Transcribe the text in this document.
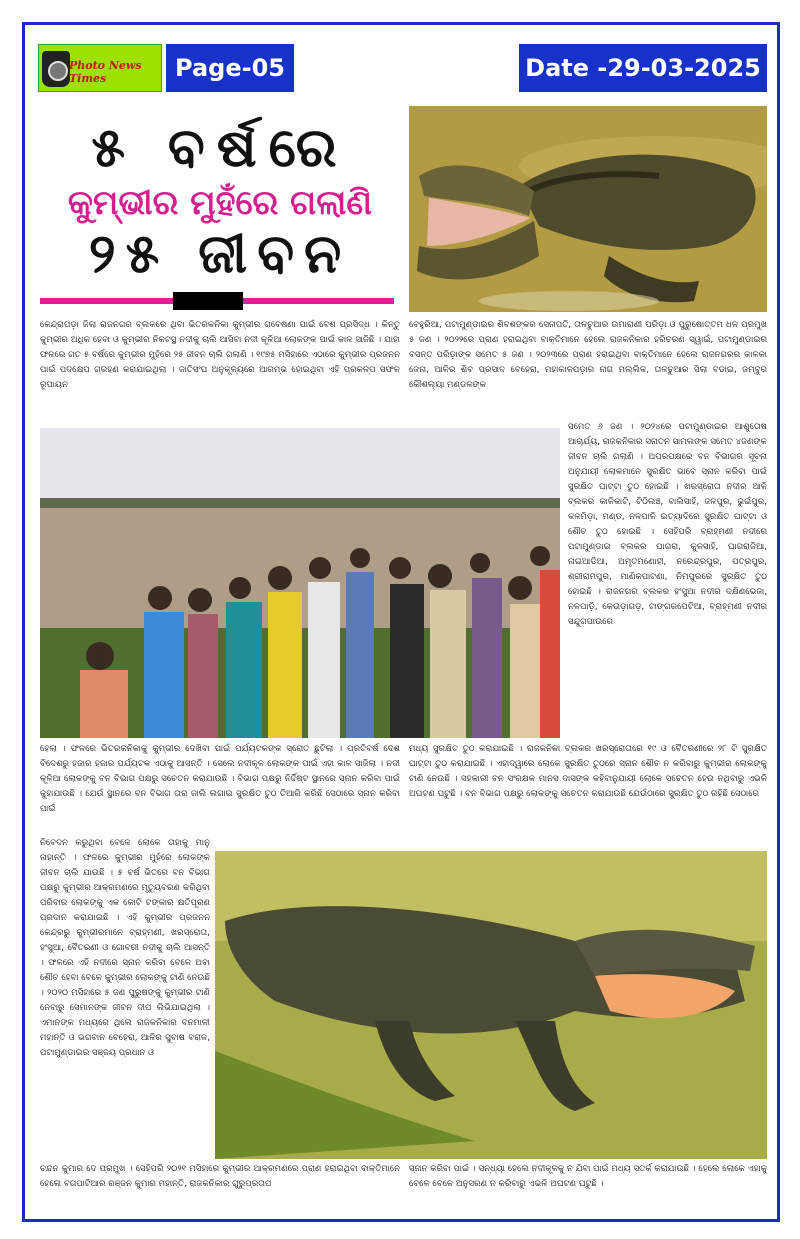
Photo News Times	Page-05	Date -29-03-2025
୫ ବର୍ଷରେ
କୁମ୍ଭୀର ମୁହଁରେ ଗଲାଣି
୨୫ ଜୀବନ
କେନ୍ଦ୍ରାପଡ଼ା ଜିଲା ରାଜନଗର ବ୍ଲକରେ ଥିବା ଭିତରକନିକା କୁମ୍ଭୀର ଗବେଷଣା ପାଇଁ ବେଶ ପ୍ରସିଦ୍ଧ । କିନ୍ତୁ କୁମ୍ଭୀର ଅଧିକ ହେବା ଓ କୁମ୍ଭୀର ନିକଟସ୍ଥ ନଦୀକୁ ଚାଲି ଆସିବା ନଦୀ କୂଳିଆ ଲୋକଙ୍କ ପାଇଁ କାଳ ସାଜିଛି । ଯାହା ଫଳରେ ଗତ ୫ ବର୍ଷରେ କୁମ୍ଭୀର ମୁହଁରେ ୨୫ ଜୀବନ ଚାଲି ଗଲାଣି । ୧୯୭୫ ମସିହାରେ ଏଠାରେ କୁମ୍ଭୀର ପ୍ରଜନନ ପାଇଁ ପଦକ୍ଷେପ ଗ୍ରହଣ କରାଯାଇଥିଲା । ଜାତିସଂଘ ଅନୁକୂଳ୍ୟରେ ଆରମ୍ଭ ହୋଇଥିବା ଏହି ପ୍ରକଳ୍ପ ସଫଳ ରୂପାୟନ
ବେହୁରିଆ, ପଟାମୁଣ୍ଡାଇର ଶିବଶଙ୍କର ସେନାପତି, ତାଳଚୁଆର ଉମାରାଣୀ ପରିଡ଼ା ଓ ପୁରୁଷୋତ୍ତମ ଧଳ ପ୍ରମୁଖ ୫ ଜଣ । ୨୦୨୨ରେ ପ୍ରାଣ ହରାଇଥିବା ବାକ୍ତିମାନେ ହେଲେ ରାଜକନିକାର ହରିଚରଣ ସ୍ୱାଇଁ, ପଟାମୁଣ୍ଡାଇର ବସନ୍ତ ପରିଡ଼ାଙ୍କ ସମେତ ୫ ଜଣ । ୨୦୨୩ରେ ପ୍ରାଣ ହରାଇଥିବା ବାକ୍ତିମାନେ ହେଲେ ରାଜନଗରର କାଳକା ଜେନା, ଆଳିର ଶିବ ପ୍ରସାଦ ବେହେରା, ମହାକାଳପଡ଼ାର ନାଗ ମଲ୍ଲିକ, ତାଳଚୁଆର ସିଲା ବଡାଇ, ଜମ୍ବୁର କୌଶଲ୍ୟା ମଣ୍ଡଳଙ୍କ
ସମେତ ୬ ଜଣ । ୨୦୨୪ରେ ପଟାମୁଣ୍ଡାଇର ଆଶୁତୋଷ ଆଚାର୍ଯ୍ୟ, ରାଜକନିକାର ସନାତନ ସାମଲଙ୍କ ସମେତ ୪ଜଣଙ୍କ ଜୀବନ ଚାଲି ଗଲାଣି । ଅପରପକ୍ଷରେ ବନ ବିଭାଗର ସୂଚନା ଅନୁଯାୟୀ ଲୋକମାନେ ସୁରକ୍ଷିତ ଭାବେ ସ୍ନାନ କରିବା ପାଇଁ ସୁରକ୍ଷିତ ଘାଟ୍ଟା ତୁଠ ହୋଇଛି । ଖରସ୍ରୋତା ନଦୀର ଆଳି ବ୍ଲକର କାଳିକାଟି, ଟିଠିଲଞ୍ଚ, ବାଲିସାହି, ଜଳପୁର, ଭୁଇଁପୁର, କଳମିଡ଼ା, ମଣ୍ଡ, ନଳପାଳି ଇତ୍ୟାଦିରେ ସୁରକ୍ଷିତ ଘାଟ୍ଟା ଓ ଶୌଚ ତୁଠ ହୋଇଛି । ସେହିପରି ବ୍ରାହ୍ମଣୀ ନଦୀରେ ପଟାମୁଣ୍ଡାଇ ବ୍ଲକର ଘାଗରା, କୁଳସାହି, ଘାଗରାଜିଆ, ନାଇଆଡିଆ, ଅମୃତମଣୋହୀ, ନରେନ୍ଦ୍ରପୁର, ପତ୍ରପୁର, ଶ୍ରୀରାମପୁର, ମାଣିକପାଟଣା, ନିମପୁରରେ ସୁରକ୍ଷିତ ତୁଠ ହୋଇଛି । ରାଜନଗର ବ୍ଲକର ହଂସୁଆ ନଦୀର ଦକ୍ଷିଣଭେଜା, ନଳପାଡ଼ି, କେଉଡ଼ାଗଡ଼, ଟାଙ୍ଗରପେଟିଆ, ବ୍ରାହ୍ମଣୀ ନଦୀର ସନ୍ଦୁଗପାଉରେ
ହେଲା । ଫଳରେ ଭିତରକନିକାକୁ କୁମ୍ଭୀର ଦେଖିବା ପାଇଁ ପର୍ଯ୍ୟଟକଙ୍କ ସ୍ରୋତ ଛୁଟିଲା । ପ୍ରତିବର୍ଷ ଦେଶ ବିଦେଶରୁ ହଜାର ହଜାର ପର୍ଯ୍ୟଟକ ଏଠାକୁ ଆସନ୍ତି । ସେଲେ ନଦୀକୂଳ ଲୋକଙ୍କ ପାଇଁ ଏହା କାଳ ସାଜିଲା । ନଦୀ କୂଳିଆ ଲୋକଙ୍କୁ ବନ ବିଭାଗ ପକ୍ଷରୁ ସଚେତନ କରାଯାଉଛି । ବିଭାଗ ପକ୍ଷରୁ ନିର୍ଦ୍ଦିଷ୍ଟ ସ୍ଥାନରେ ସ୍ନାନ କରିବା ପାଇଁ କୁହାଯାଉଛି । ଯେଉଁ ସ୍ଥାନରେ ବନ ବିଭାଗ ତାର ଜାଲି ଲଗାଇ ସୁରକ୍ଷିତ ତୁଠ ତିଆରି କରିଛି ସେଠାରେ ସ୍ନାନ କରିବା ପାଇଁ
ମଧ୍ୟ ସୁରକ୍ଷିତ ତୁଠ କରାଯାଇଛି । ରାଜକନିକା ବ୍ଲକର ଖରସ୍ରୋତାରେ ୧୯ ଓ ବୈତରଣୀରେ ୨୮ ଟି ସୁରକ୍ଷିତ ଘାଟ୍ଟା ତୁଠ କରାଯାଇଛି । ଏହାଦ୍ୱାରେ ଲୋକେ ସୁରକ୍ଷିତ ତୁଠରେ ସ୍ନାନ ଶୌଚ ନ କରିବାରୁ କୁମ୍ଭୀର ଲୋକଙ୍କୁ ଟାଣି ନେଉଛି । ସହକାରୀ ବନ ସଂରକ୍ଷକ ମାନସ ଦାସଙ୍କ କହିବାନୁଯାୟୀ ଲୋକେ ସଚେତନ ହେଉ ନଥିବାରୁ ଏଭଳି ଅଘଟଣ ଘଟୁଛି । ବନ ବିଭାଗ ପକ୍ଷରୁ ଲୋକଙ୍କୁ ସଚେତନ କରାଯାଉଛି ଯେଉଁଠାରେ ସୁରକ୍ଷିତ ତୁଠ ରହିଛି ସେଠାରେ
ନିବେଦନ କରୁଥିବା ବେଳେ ଲୋକେ ତାହାକୁ ମାନୁ ନାହାନ୍ତି । ଫଳରେ କୁମ୍ଭୀର ମୁହଁରେ ଲୋକଙ୍କ ଜୀବନ ଚାଲି ଯାଉଛି । ୫ ବର୍ଷ ଭିତରେ ବନ ବିଭାଗ ପକ୍ଷରୁ କୁମ୍ଭୀର ଆକ୍ରମଣରେ ମୃତ୍ୟୁବରଣ କରିଥିବା ପରିବାର ଲୋକଙ୍କୁ ଏକ କୋଟି ଟଙ୍କାର କ୍ଷତିପୂରଣ ପ୍ରଦାନ କରାଯାଇଛି । ଏହି କୁମ୍ଭୀର ପ୍ରଜନନ କେନ୍ଦ୍ରରୁ କୁମ୍ଭୀରମାନେ ବ୍ରାହ୍ମଣୀ, ଖରସ୍ରୋତା, ହଂସୁଆ, ବୈତରଣୀ ଓ ଗୋବରୀ ନଦୀକୁ ଚାଲି ଆସନ୍ତି । ଫଳରେ ଏହି ନଦୀରେ ସ୍ନାନ କରିବା ବେଳେ ଅବା ଶୌଚ ହେବା ବେଳେ କୁମ୍ଭୀର ଲୋକଙ୍କୁ ଟାଣି ନେଉଛି । ୨୦୨୦ ମସିହାରେ ୫ ଜଣ ପୁରୁଷଙ୍କୁ କୁମ୍ଭୀର ଟାଣି ନେବାରୁ ସେମାନଙ୍କ ଜୀବନ ଦୀପ ଲିଭିଯାଇଥିଲା । ଏମାନଙ୍କ ମଧ୍ୟରେ ଥିଲେ ରାଜକନିକାର ବନମାଳୀ ମହାନ୍ତି ଓ ଭଗବାନ ବେହେରା, ଆଳିର ସୁବାଷ ବରାଳ, ପଟାମୁଣ୍ଡାଇର ସଞ୍ଜୟ ପ୍ରଧାନ ଓ
ଚନ୍ଦନ କୁମାର ଦେ ପ୍ରମୁଖ । ସେହିପରି ୨୦୨୧ ମସିହାରେ କୁମ୍ଭୀର ଆକ୍ରମଣରେ ପ୍ରାଣ ହରାଇଥିବା ବାକ୍ତିମାନେ ହେଲେ ବଗପାଟିଆର ରଞ୍ଜନ କୁମାର ମହାନ୍ତି, ରାଜକନିକାର ଗୁରୁପ୍ରତାପ
ସ୍ନାନ କରିବା ପାଇଁ । ସନ୍ଧ୍ୟା ହେଲେ ନଦୀକୂଳକୁ ନ ଯିବା ପାଇଁ ମଧ୍ୟ ସତର୍କ କରାଯାଉଛି । ହେଲେ ଲୋକେ ଏହାକୁ ବେଳେ ବେଳେ ଅନୁସରଣ ନ କରିବାରୁ ଏଭଳି ଅଘଟଣ ଘଟୁଛି ।
